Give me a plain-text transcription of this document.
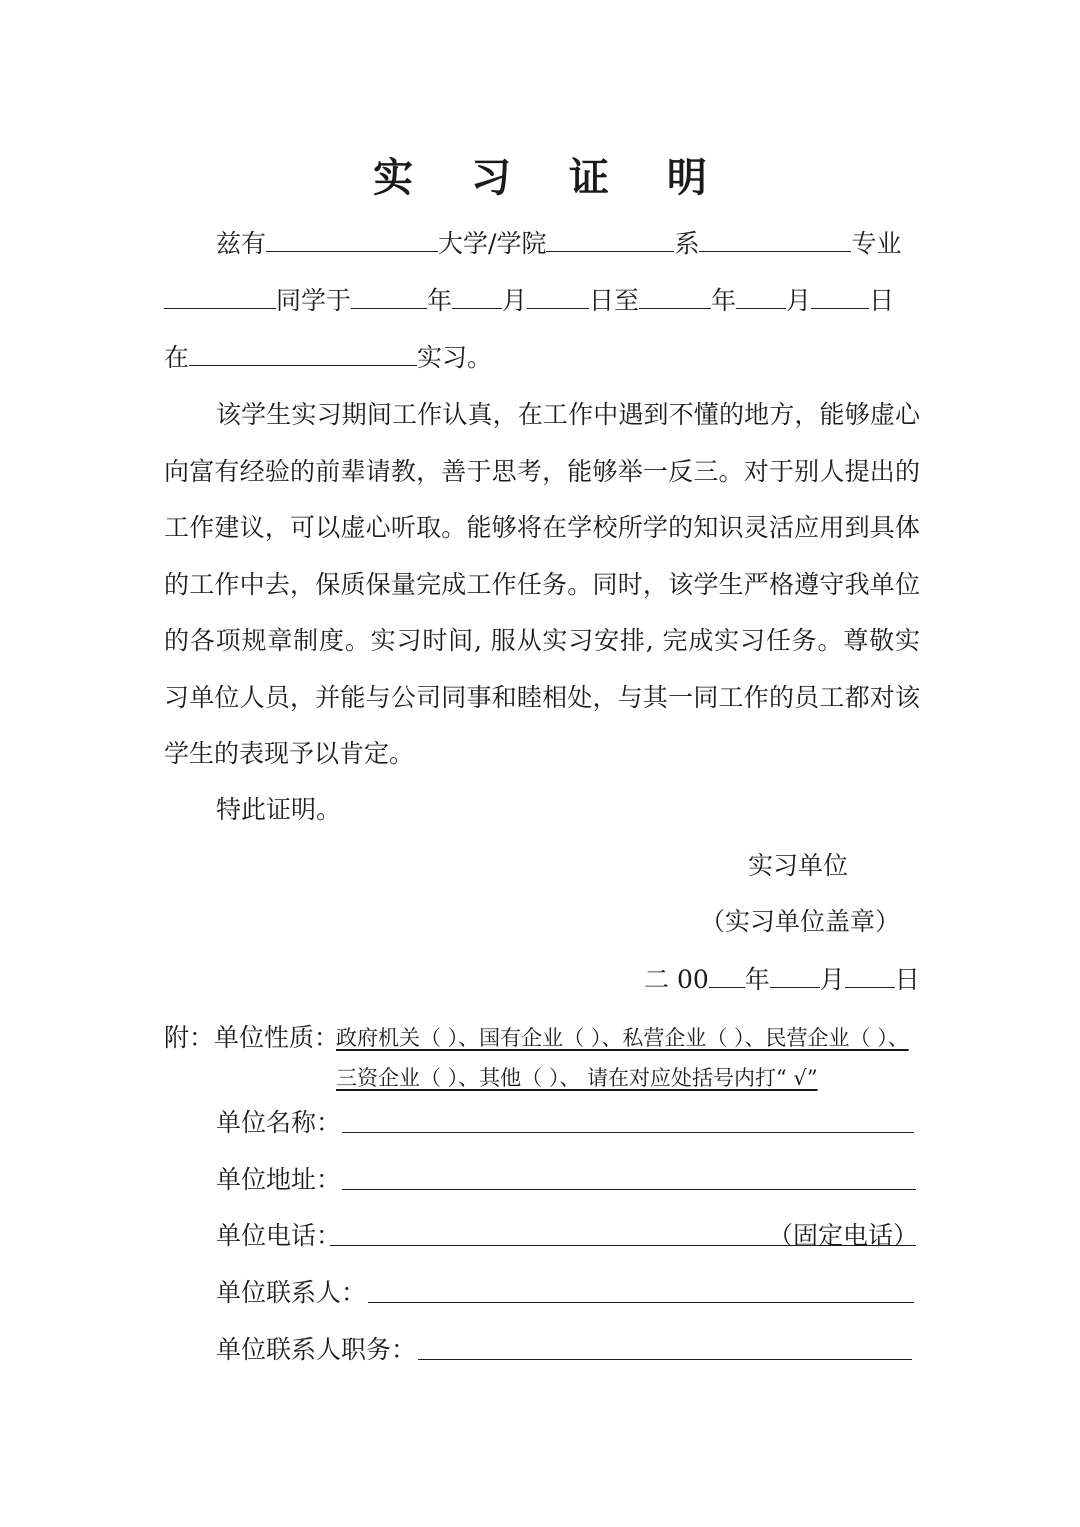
实 习 证 明
兹有	大学/学院	系	专业
同学于	年 月 日至	年 月 日
在	实习。

该学生实习期间工作认真，在工作中遇到不懂的地方，能够虚心向富有经验的前辈请教，善于思考，能够举一反三。对于别人提出的工作建议，可以虚心听取。能够将在学校所学的知识灵活应用到具体的工作中去，保质保量完成工作任务。同时，该学生严格遵守我单位的各项规章制度。实习时间, 服从实习安排, 完成实习任务。尊敬实习单位人员，并能与公司同事和睦相处，与其一同工作的员工都对该学生的表现予以肯定。

特此证明。
实习单位
（实习单位盖章）
二 00 年 月 日
附：单位性质：
政府机关（ ）、国有企业（ ）、私营企业（ ）、民营企业（ ）、
三资企业（ ）、其他（ ）、 请在对应处括号内打“ √”
单位名称：
单位地址：
单位电话：	（固定电话）
单位联系人：
单位联系人职务：
